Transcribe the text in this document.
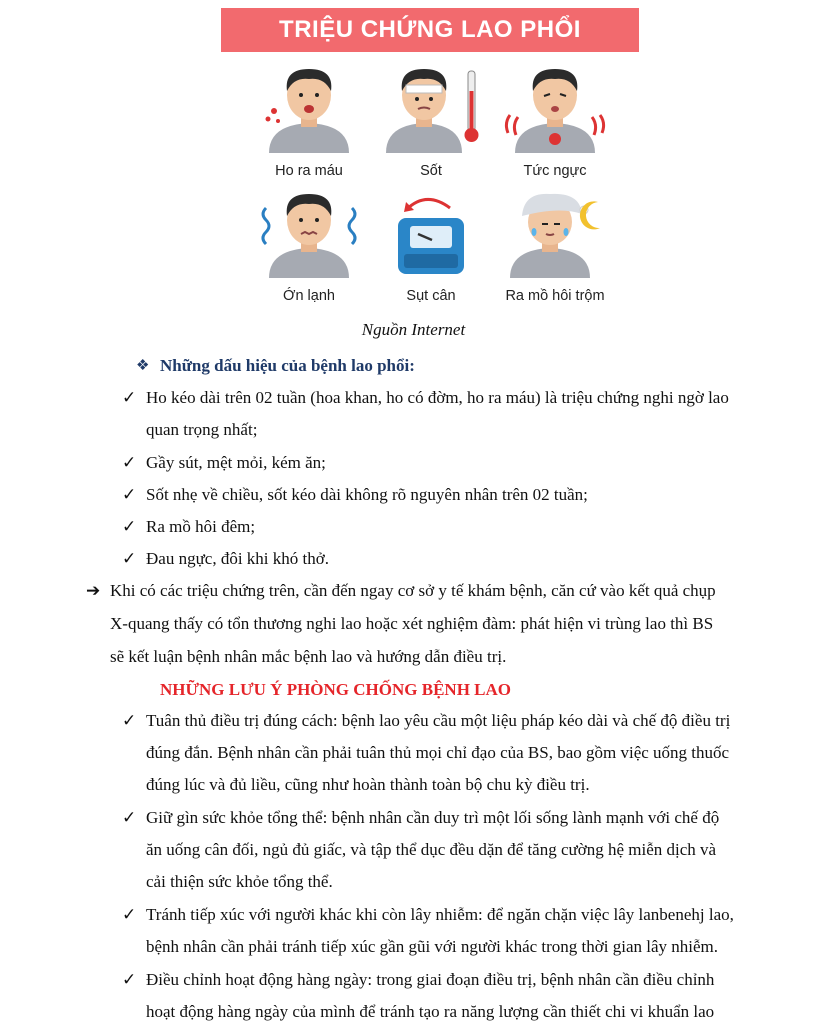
TRIỆU CHỨNG LAO PHỔI
Ho ra máu	Sốt	Tức ngực
Ớn lạnh	Sụt cân	Ra mồ hôi trộm
Nguồn Internet
❖ Những dấu hiệu của bệnh lao phổi:
✓ Ho kéo dài trên 02 tuần (hoa khan, ho có đờm, ho ra máu) là triệu chứng nghi ngờ lao
quan trọng nhất;
✓ Gầy sút, mệt mỏi, kém ăn;
✓ Sốt nhẹ về chiều, sốt kéo dài không rõ nguyên nhân trên 02 tuần;
✓ Ra mồ hôi đêm;
✓ Đau ngực, đôi khi khó thở.
➔ Khi có các triệu chứng trên, cần đến ngay cơ sở y tế khám bệnh, căn cứ vào kết quả chụp
X-quang thấy có tổn thương nghi lao hoặc xét nghiệm đàm: phát hiện vi trùng lao thì BS
sẽ kết luận bệnh nhân mắc bệnh lao và hướng dẫn điều trị.
NHỮNG LƯU Ý PHÒNG CHỐNG BỆNH LAO
✓ Tuân thủ điều trị đúng cách: bệnh lao yêu cầu một liệu pháp kéo dài và chế độ điều trị
đúng đắn. Bệnh nhân cần phải tuân thủ mọi chỉ đạo của BS, bao gồm việc uống thuốc
đúng lúc và đủ liều, cũng như hoàn thành toàn bộ chu kỳ điều trị.
✓ Giữ gìn sức khỏe tổng thể: bệnh nhân cần duy trì một lối sống lành mạnh với chế độ
ăn uống cân đối, ngủ đủ giấc, và tập thể dục đều dặn để tăng cường hệ miễn dịch và
cải thiện sức khỏe tổng thể.
✓ Tránh tiếp xúc với người khác khi còn lây nhiễm: để ngăn chặn việc lây lanbenehj lao,
bệnh nhân cần phải tránh tiếp xúc gần gũi với người khác trong thời gian lây nhiễm.
✓ Điều chỉnh hoạt động hàng ngày: trong giai đoạn điều trị, bệnh nhân cần điều chỉnh
hoạt động hàng ngày của mình để tránh tạo ra năng lượng cần thiết chi vi khuẩn lao
